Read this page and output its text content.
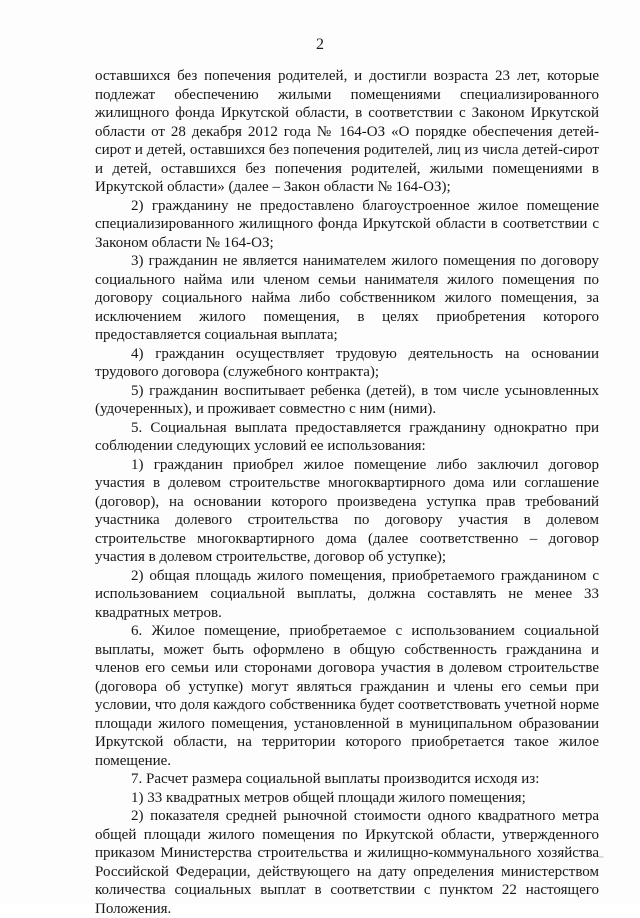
2

оставшихся без попечения родителей, и достигли возраста 23 лет, которые подлежат обеспечению жилыми помещениями специализированного жилищного фонда Иркутской области, в соответствии с Законом Иркутской области от 28 декабря 2012 года № 164-ОЗ «О порядке обеспечения детей-сирот и детей, оставшихся без попечения родителей, лиц из числа детей-сирот и детей, оставшихся без попечения родителей, жилыми помещениями в Иркутской области» (далее – Закон области № 164-ОЗ);

2) гражданину не предоставлено благоустроенное жилое помещение специализированного жилищного фонда Иркутской области в соответствии с Законом области № 164-ОЗ;

3) гражданин не является нанимателем жилого помещения по договору социального найма или членом семьи нанимателя жилого помещения по договору социального найма либо собственником жилого помещения, за исключением жилого помещения, в целях приобретения которого предоставляется социальная выплата;

4) гражданин осуществляет трудовую деятельность на основании трудового договора (служебного контракта);

5) гражданин воспитывает ребенка (детей), в том числе усыновленных (удочеренных), и проживает совместно с ним (ними).

5. Социальная выплата предоставляется гражданину однократно при соблюдении следующих условий ее использования:

1) гражданин приобрел жилое помещение либо заключил договор участия в долевом строительстве многоквартирного дома или соглашение (договор), на основании которого произведена уступка прав требований участника долевого строительства по договору участия в долевом строительстве многоквартирного дома (далее соответственно – договор участия в долевом строительстве, договор об уступке);

2) общая площадь жилого помещения, приобретаемого гражданином с использованием социальной выплаты, должна составлять не менее 33 квадратных метров.

6. Жилое помещение, приобретаемое с использованием социальной выплаты, может быть оформлено в общую собственность гражданина и членов его семьи или сторонами договора участия в долевом строительстве (договора об уступке) могут являться гражданин и члены его семьи при условии, что доля каждого собственника будет соответствовать учетной норме площади жилого помещения, установленной в муниципальном образовании Иркутской области, на территории которого приобретается такое жилое помещение.

7. Расчет размера социальной выплаты производится исходя из:

1) 33 квадратных метров общей площади жилого помещения;

2) показателя средней рыночной стоимости одного квадратного метра общей площади жилого помещения по Иркутской области, утвержденного приказом Министерства строительства и жилищно-коммунального хозяйства Российской Федерации, действующего на дату определения министерством количества социальных выплат в соответствии с пунктом 22 настоящего Положения.

⁻
